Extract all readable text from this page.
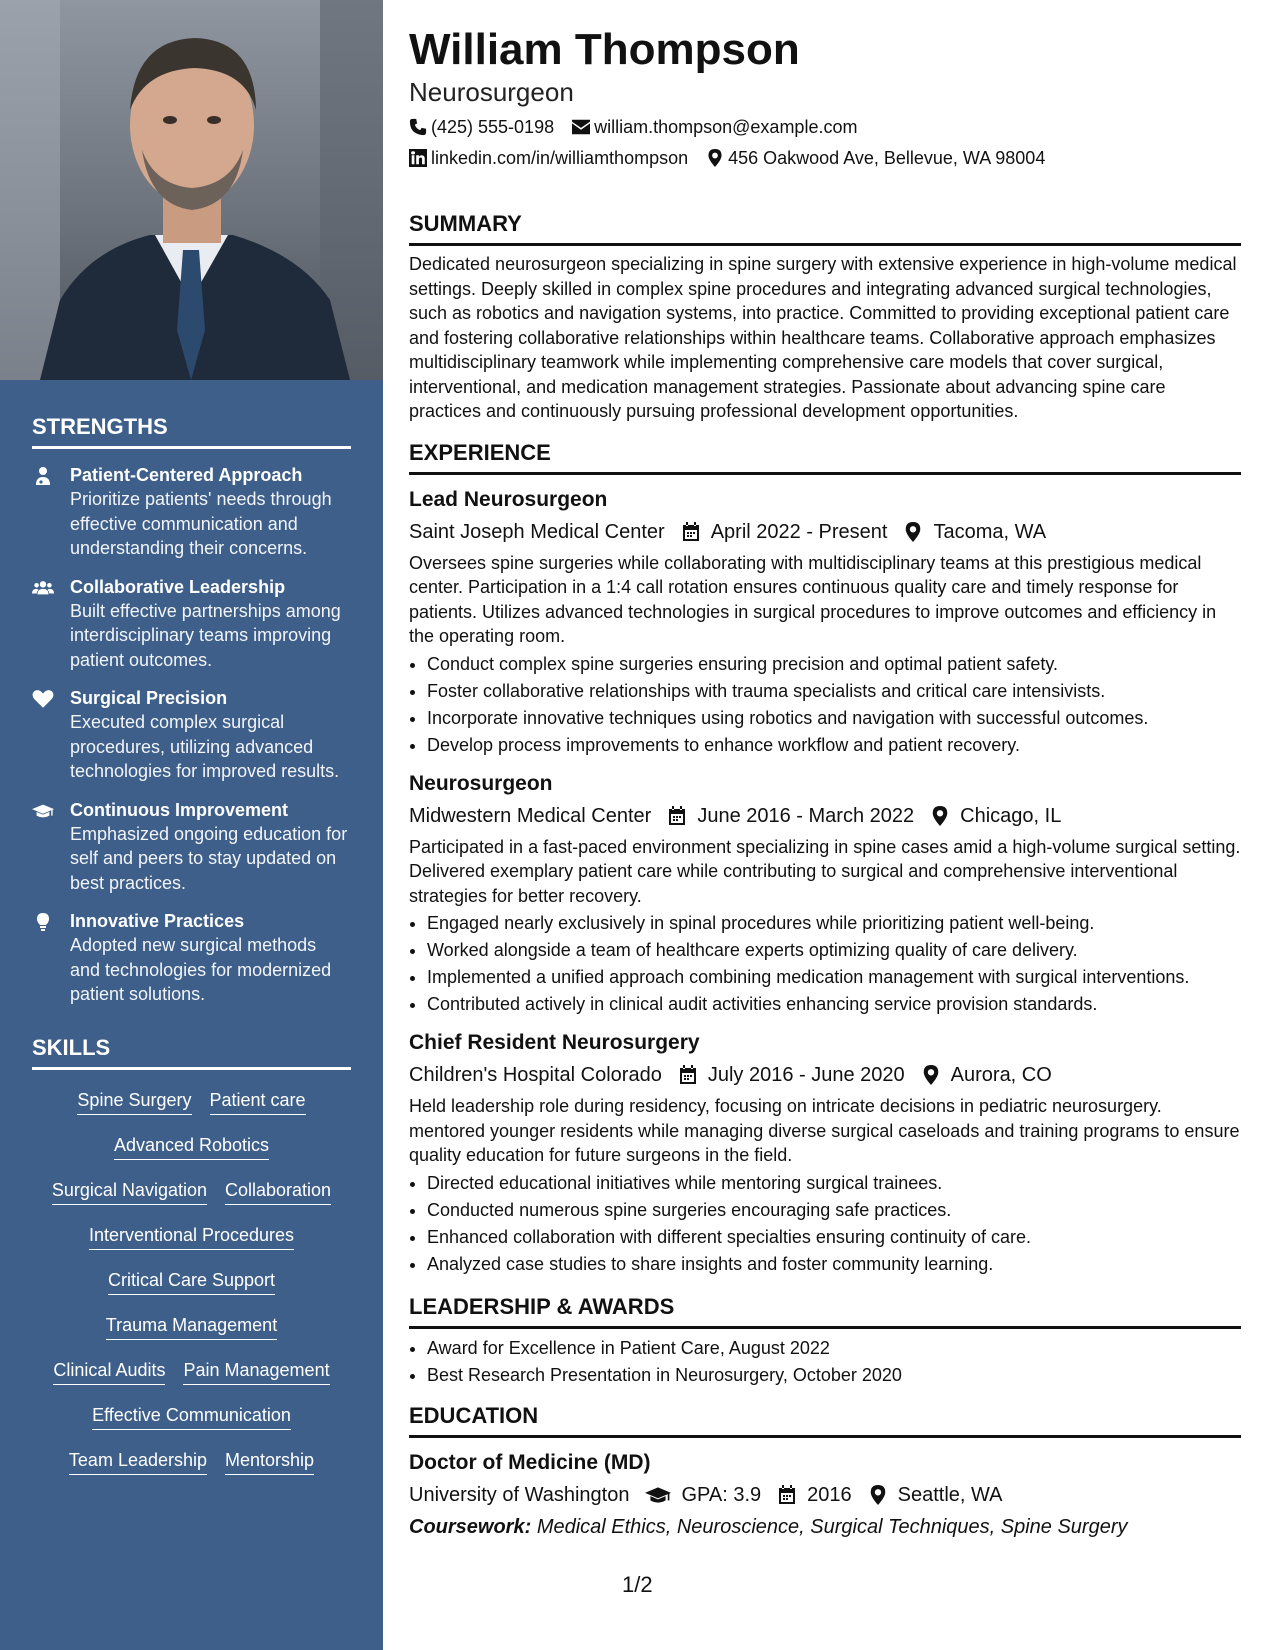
STRENGTHS
Patient-Centered Approach
Prioritize patients' needs through effective communication and understanding their concerns.
Collaborative Leadership
Built effective partnerships among interdisciplinary teams improving patient outcomes.
Surgical Precision
Executed complex surgical procedures, utilizing advanced technologies for improved results.
Continuous Improvement
Emphasized ongoing education for self and peers to stay updated on best practices.
Innovative Practices
Adopted new surgical methods and technologies for modernized patient solutions.
SKILLS
Spine Surgery Patient care
Advanced Robotics
Surgical Navigation Collaboration
Interventional Procedures
Critical Care Support
Trauma Management
Clinical Audits Pain Management
Effective Communication
Team Leadership Mentorship
William Thompson
Neurosurgeon
(425) 555-0198 william.thompson@example.com
linkedin.com/in/williamthompson 456 Oakwood Ave, Bellevue, WA 98004
SUMMARY
Dedicated neurosurgeon specializing in spine surgery with extensive experience in high-volume medical settings. Deeply skilled in complex spine procedures and integrating advanced surgical technologies, such as robotics and navigation systems, into practice. Committed to providing exceptional patient care and fostering collaborative relationships within healthcare teams. Collaborative approach emphasizes multidisciplinary teamwork while implementing comprehensive care models that cover surgical, interventional, and medication management strategies. Passionate about advancing spine care practices and continuously pursuing professional development opportunities.
EXPERIENCE
Lead Neurosurgeon
Saint Joseph Medical Center April 2022 - Present Tacoma, WA
Oversees spine surgeries while collaborating with multidisciplinary teams at this prestigious medical center. Participation in a 1:4 call rotation ensures continuous quality care and timely response for patients. Utilizes advanced technologies in surgical procedures to improve outcomes and efficiency in the operating room.
• Conduct complex spine surgeries ensuring precision and optimal patient safety.
• Foster collaborative relationships with trauma specialists and critical care intensivists.
• Incorporate innovative techniques using robotics and navigation with successful outcomes.
• Develop process improvements to enhance workflow and patient recovery.
Neurosurgeon
Midwestern Medical Center June 2016 - March 2022 Chicago, IL
Participated in a fast-paced environment specializing in spine cases amid a high-volume surgical setting. Delivered exemplary patient care while contributing to surgical and comprehensive interventional strategies for better recovery.
• Engaged nearly exclusively in spinal procedures while prioritizing patient well-being.
• Worked alongside a team of healthcare experts optimizing quality of care delivery.
• Implemented a unified approach combining medication management with surgical interventions.
• Contributed actively in clinical audit activities enhancing service provision standards.
Chief Resident Neurosurgery
Children's Hospital Colorado July 2016 - June 2020 Aurora, CO
Held leadership role during residency, focusing on intricate decisions in pediatric neurosurgery. mentored younger residents while managing diverse surgical caseloads and training programs to ensure quality education for future surgeons in the field.
• Directed educational initiatives while mentoring surgical trainees.
• Conducted numerous spine surgeries encouraging safe practices.
• Enhanced collaboration with different specialties ensuring continuity of care.
• Analyzed case studies to share insights and foster community learning.
LEADERSHIP & AWARDS
• Award for Excellence in Patient Care, August 2022
• Best Research Presentation in Neurosurgery, October 2020
EDUCATION
Doctor of Medicine (MD)
University of Washington	GPA: 3.9 2016 Seattle, WA
Coursework: Medical Ethics, Neuroscience, Surgical Techniques, Spine Surgery
1/2
